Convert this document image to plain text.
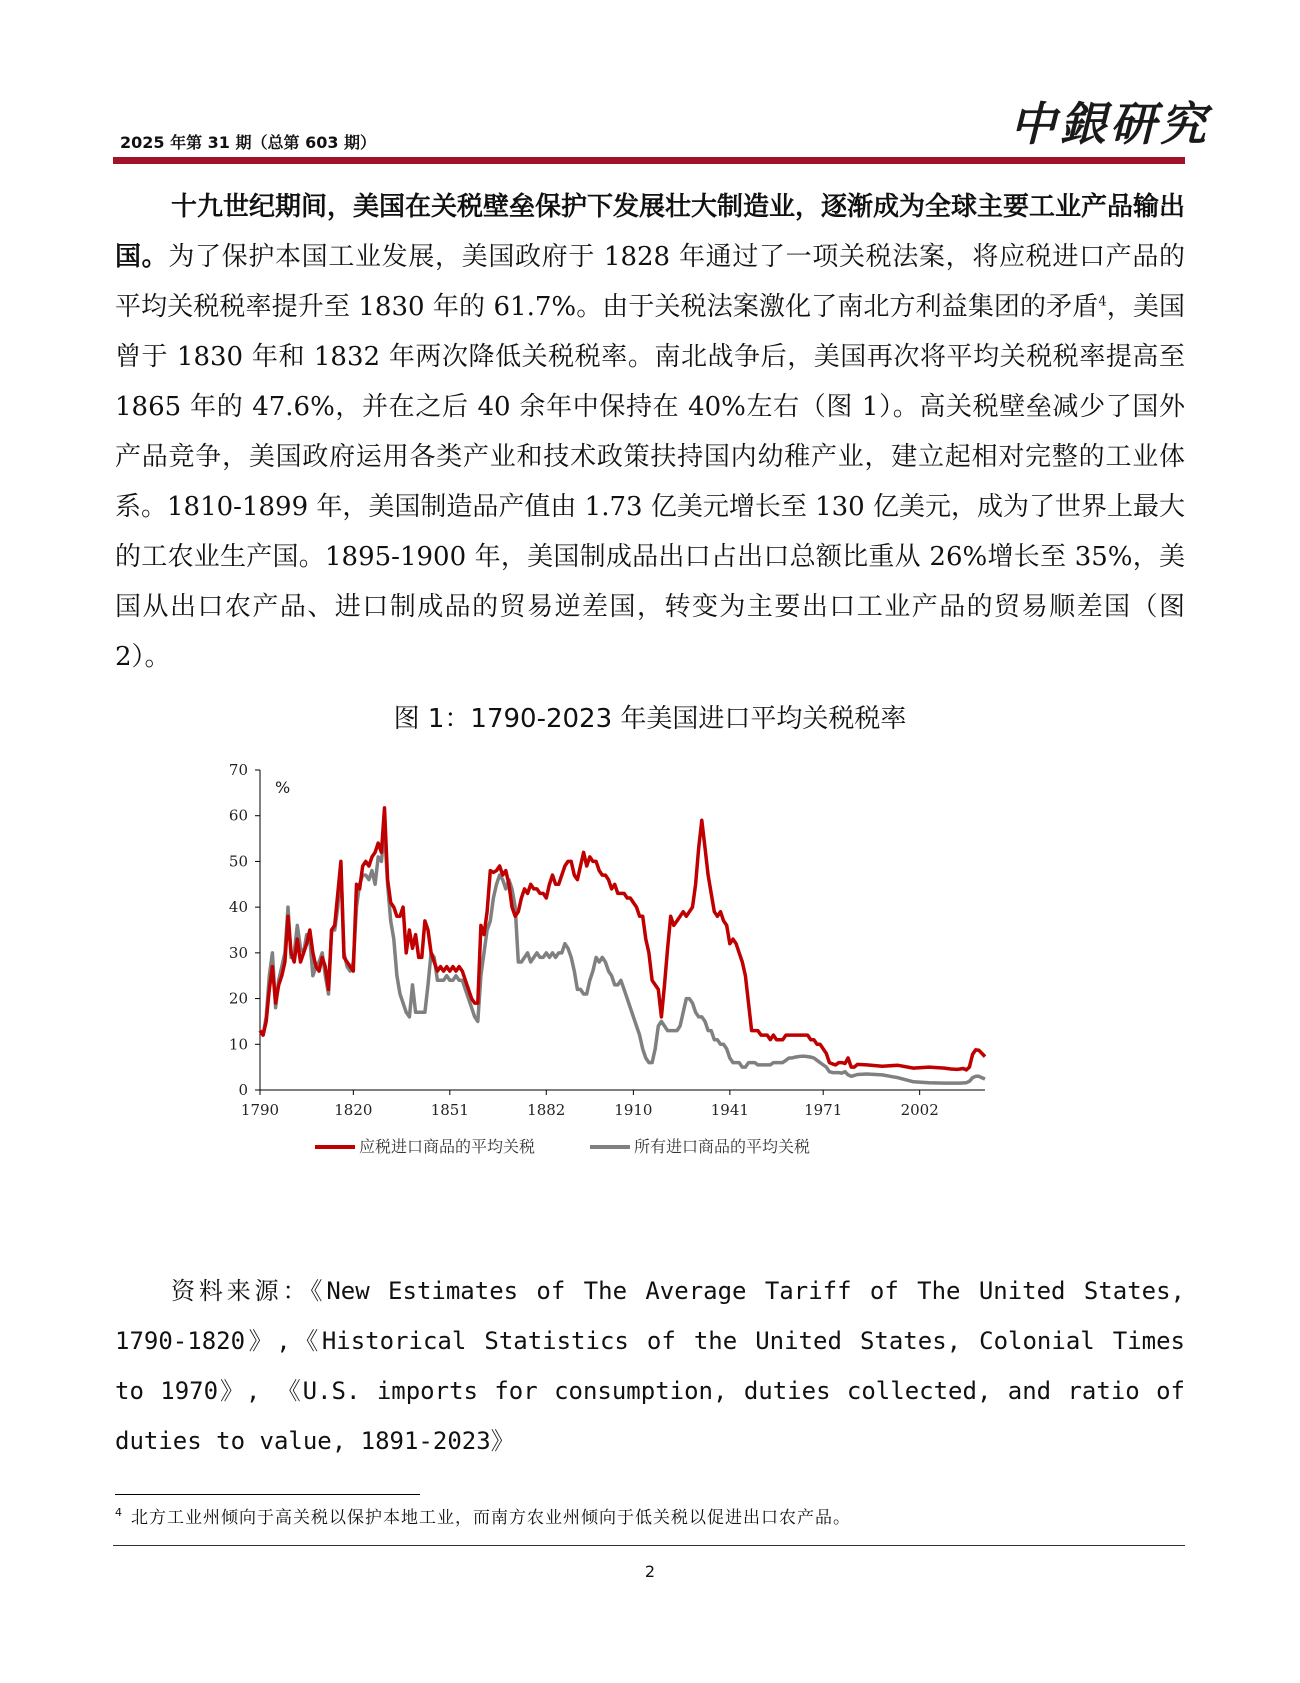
2025 年第 31 期（总第 603 期）	中銀研究

十九世纪期间，美国在关税壁垒保护下发展壮大制造业，逐渐成为全球主要工业产品输出国。为了保护本国工业发展，美国政府于 1828 年通过了一项关税法案，将应税进口产品的平均关税税率提升至 1830 年的 61.7%。由于关税法案激化了南北方利益集团的矛盾$^4$，美国曾于 1830 年和 1832 年两次降低关税税率。南北战争后，美国再次将平均关税税率提高至 1865 年的 47.6%，并在之后 40 余年中保持在 40%左右（图 1）。高关税壁垒减少了国外产品竞争，美国政府运用各类产业和技术政策扶持国内幼稚产业，建立起相对完整的工业体系。1810-1899 年，美国制造品产值由 1.73 亿美元增长至 130 亿美元，成为了世界上最大的工农业生产国。1895-1900 年，美国制成品出口占出口总额比重从 26%增长至 35%，美国从出口农产品、进口制成品的贸易逆差国，转变为主要出口工业产品的贸易顺差国（图 2）。

图 1：1790-2023 年美国进口平均关税税率
0
10
20
30
40
50
60
70
1790	1820	1851	1882	1910	1941	1971	2002
%
应税进口商品的平均关税	所有进口商品的平均关税

资料来源：《New Estimates of The Average Tariff of The United States, 1790-1820》,《Historical Statistics of the United States, Colonial Times to 1970》, 《U.S. imports for consumption, duties collected, and ratio of duties to value, 1891-2023》

$^4$ 北方工业州倾向于高关税以保护本地工业，而南方农业州倾向于低关税以促进出口农产品。
2
